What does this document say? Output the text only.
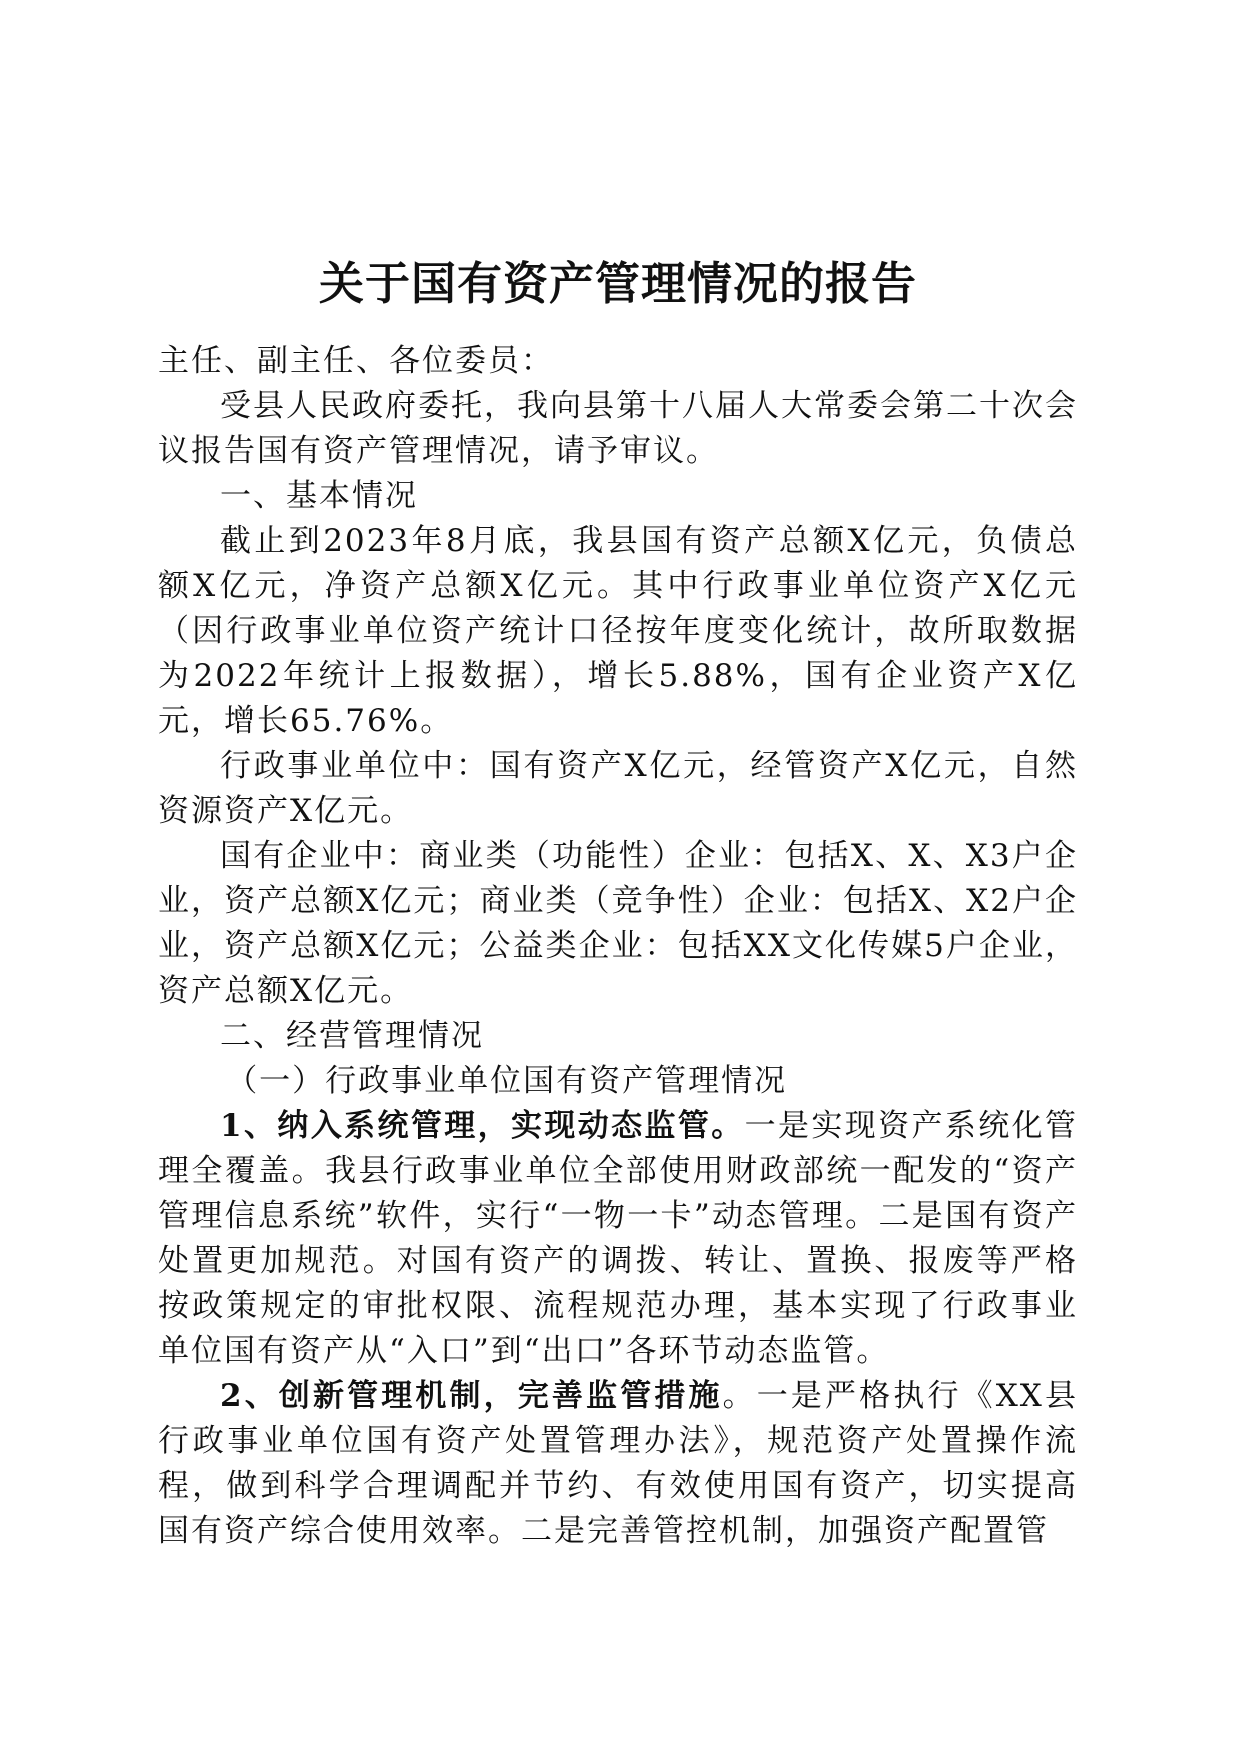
关于国有资产管理情况的报告

主任、副主任、各位委员：

受县人民政府委托，我向县第十八届人大常委会第二十次会议报告国有资产管理情况，请予审议。

一、基本情况

截止到2023年8月底，我县国有资产总额X亿元，负债总额X亿元，净资产总额X亿元。其中行政事业单位资产X亿元（因行政事业单位资产统计口径按年度变化统计，故所取数据为2022年统计上报数据），增长5.88%，国有企业资产X亿元，增长65.76%。

行政事业单位中：国有资产X亿元，经管资产X亿元，自然资源资产X亿元。

国有企业中：商业类（功能性）企业：包括X、X、X3户企业，资产总额X亿元；商业类（竞争性）企业：包括X、X2户企业，资产总额X亿元；公益类企业：包括XX文化传媒5户企业，资产总额X亿元。

二、经营管理情况

（一）行政事业单位国有资产管理情况

1、纳入系统管理，实现动态监管。一是实现资产系统化管理全覆盖。我县行政事业单位全部使用财政部统一配发的“资产管理信息系统”软件，实行“一物一卡”动态管理。二是国有资产处置更加规范。对国有资产的调拨、转让、置换、报废等严格按政策规定的审批权限、流程规范办理，基本实现了行政事业单位国有资产从“入口”到“出口”各环节动态监管。

2、创新管理机制，完善监管措施。一是严格执行《XX县行政事业单位国有资产处置管理办法》，规范资产处置操作流程，做到科学合理调配并节约、有效使用国有资产，切实提高国有资产综合使用效率。二是完善管控机制，加强资产配置管
